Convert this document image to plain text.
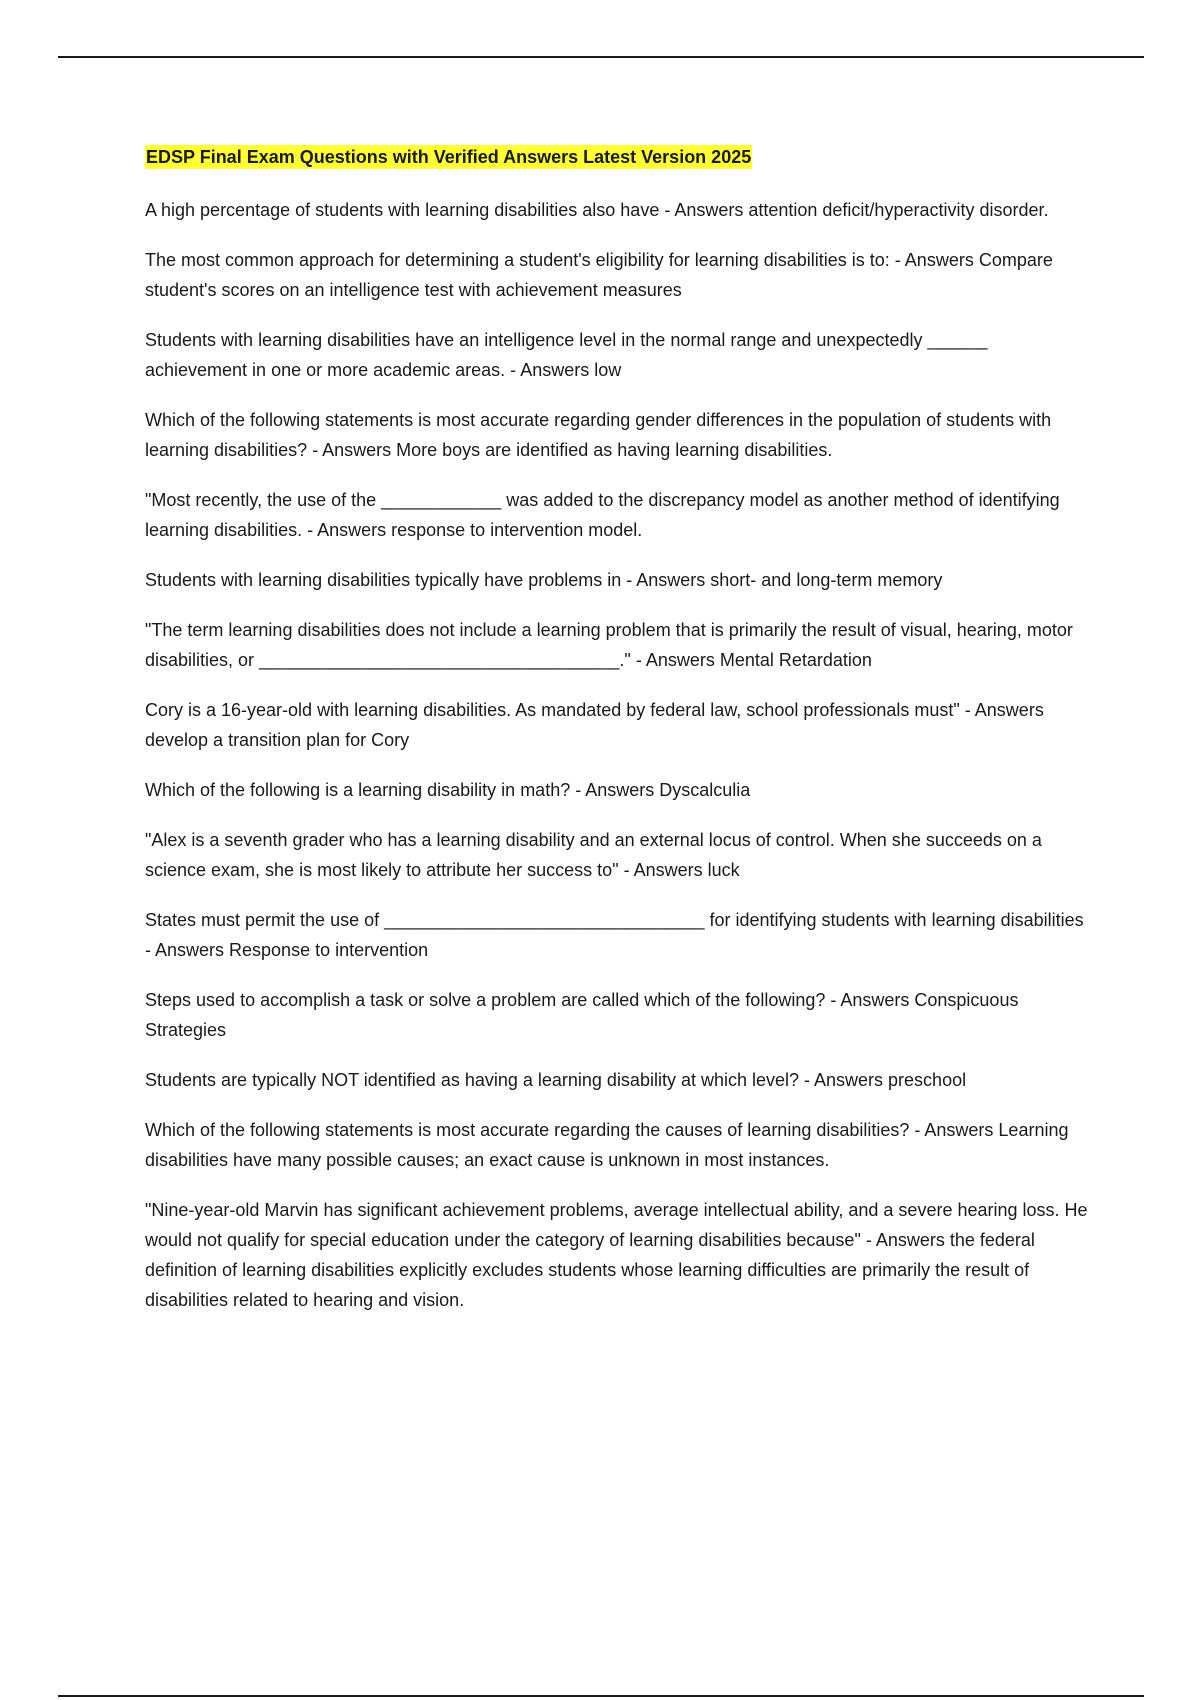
EDSP Final Exam Questions with Verified Answers Latest Version 2025

A high percentage of students with learning disabilities also have - Answers attention deficit/hyperactivity disorder.

The most common approach for determining a student's eligibility for learning disabilities is to: - Answers Compare student's scores on an intelligence test with achievement measures

Students with learning disabilities have an intelligence level in the normal range and unexpectedly ______ achievement in one or more academic areas. - Answers low

Which of the following statements is most accurate regarding gender differences in the population of students with learning disabilities? - Answers More boys are identified as having learning disabilities.

"Most recently, the use of the ____________ was added to the discrepancy model as another method of identifying learning disabilities. - Answers response to intervention model.

Students with learning disabilities typically have problems in - Answers short- and long-term memory

"The term learning disabilities does not include a learning problem that is primarily the result of visual, hearing, motor disabilities, or ____________________________________." - Answers Mental Retardation

Cory is a 16-year-old with learning disabilities. As mandated by federal law, school professionals must" - Answers develop a transition plan for Cory

Which of the following is a learning disability in math? - Answers Dyscalculia

"Alex is a seventh grader who has a learning disability and an external locus of control. When she succeeds on a science exam, she is most likely to attribute her success to" - Answers luck

States must permit the use of ________________________________ for identifying students with learning disabilities - Answers Response to intervention

Steps used to accomplish a task or solve a problem are called which of the following? - Answers Conspicuous Strategies

Students are typically NOT identified as having a learning disability at which level? - Answers preschool

Which of the following statements is most accurate regarding the causes of learning disabilities? - Answers Learning disabilities have many possible causes; an exact cause is unknown in most instances.

"Nine-year-old Marvin has significant achievement problems, average intellectual ability, and a severe hearing loss. He would not qualify for special education under the category of learning disabilities because" - Answers the federal definition of learning disabilities explicitly excludes students whose learning difficulties are primarily the result of disabilities related to hearing and vision.
